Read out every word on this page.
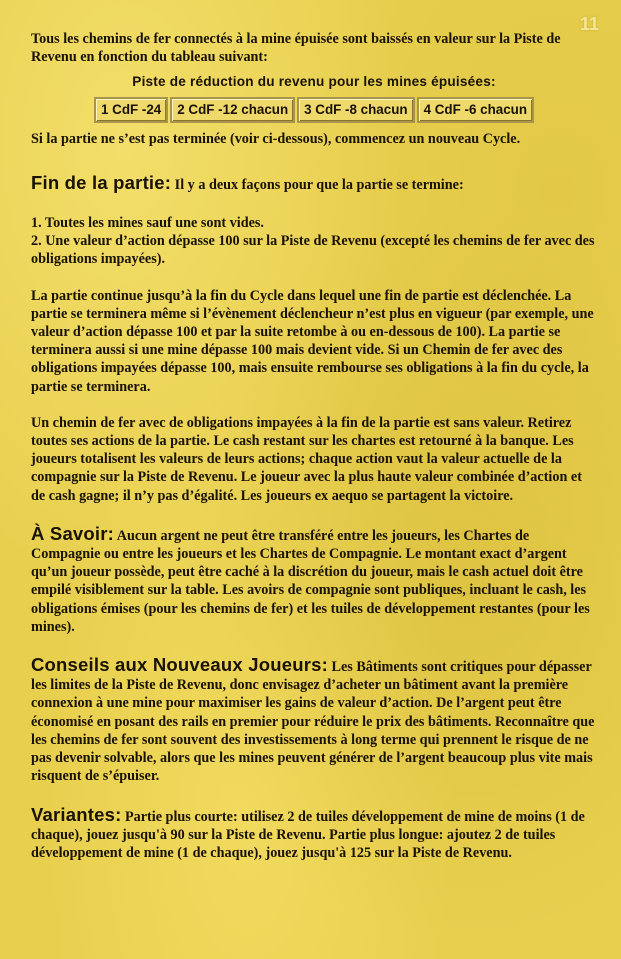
11

Tous les chemins de fer connectés à la mine épuisée sont baissés en valeur sur la Piste de Revenu en fonction du tableau suivant:

Piste de réduction du revenu pour les mines épuisées:
1 CdF -24	2 CdF -12 chacun	3 CdF -8 chacun	4 CdF -6 chacun

Si la partie ne s’est pas terminée (voir ci-dessous), commencez un nouveau Cycle.

Fin de la partie: Il y a deux façons pour que la partie se termine:

1. Toutes les mines sauf une sont vides.

2. Une valeur d’action dépasse 100 sur la Piste de Revenu (excepté les chemins de fer avec des obligations impayées).

La partie continue jusqu’à la fin du Cycle dans lequel une fin de partie est déclenchée. La partie se terminera même si l’évènement déclencheur n’est plus en vigueur (par exemple, une valeur d’action dépasse 100 et par la suite retombe à ou en-dessous de 100). La partie se terminera aussi si une mine dépasse 100 mais devient vide. Si un Chemin de fer avec des obligations impayées dépasse 100, mais ensuite rembourse ses obligations à la fin du cycle, la partie se terminera.

Un chemin de fer avec de obligations impayées à la fin de la partie est sans valeur. Retirez toutes ses actions de la partie. Le cash restant sur les chartes est retourné à la banque. Les joueurs totalisent les valeurs de leurs actions; chaque action vaut la valeur actuelle de la compagnie sur la Piste de Revenu. Le joueur avec la plus haute valeur combinée d’action et de cash gagne; il n’y pas d’égalité. Les joueurs ex aequo se partagent la victoire.

À Savoir: Aucun argent ne peut être transféré entre les joueurs, les Chartes de Compagnie ou entre les joueurs et les Chartes de Compagnie. Le montant exact d’argent qu’un joueur possède, peut être caché à la discrétion du joueur, mais le cash actuel doit être empilé visiblement sur la table. Les avoirs de compagnie sont publiques, incluant le cash, les obligations émises (pour les chemins de fer) et les tuiles de développement restantes (pour les mines).

Conseils aux Nouveaux Joueurs: Les Bâtiments sont critiques pour dépasser les limites de la Piste de Revenu, donc envisagez d’acheter un bâtiment avant la première connexion à une mine pour maximiser les gains de valeur d’action. De l’argent peut être économisé en posant des rails en premier pour réduire le prix des bâtiments. Reconnaître que les chemins de fer sont souvent des investissements à long terme qui prennent le risque de ne pas devenir solvable, alors que les mines peuvent générer de l’argent beaucoup plus vite mais risquent de s’épuiser.

Variantes: Partie plus courte: utilisez 2 de tuiles développement de mine de moins (1 de chaque), jouez jusqu'à 90 sur la Piste de Revenu. Partie plus longue: ajoutez 2 de tuiles développement de mine (1 de chaque), jouez jusqu'à 125 sur la Piste de Revenu.
